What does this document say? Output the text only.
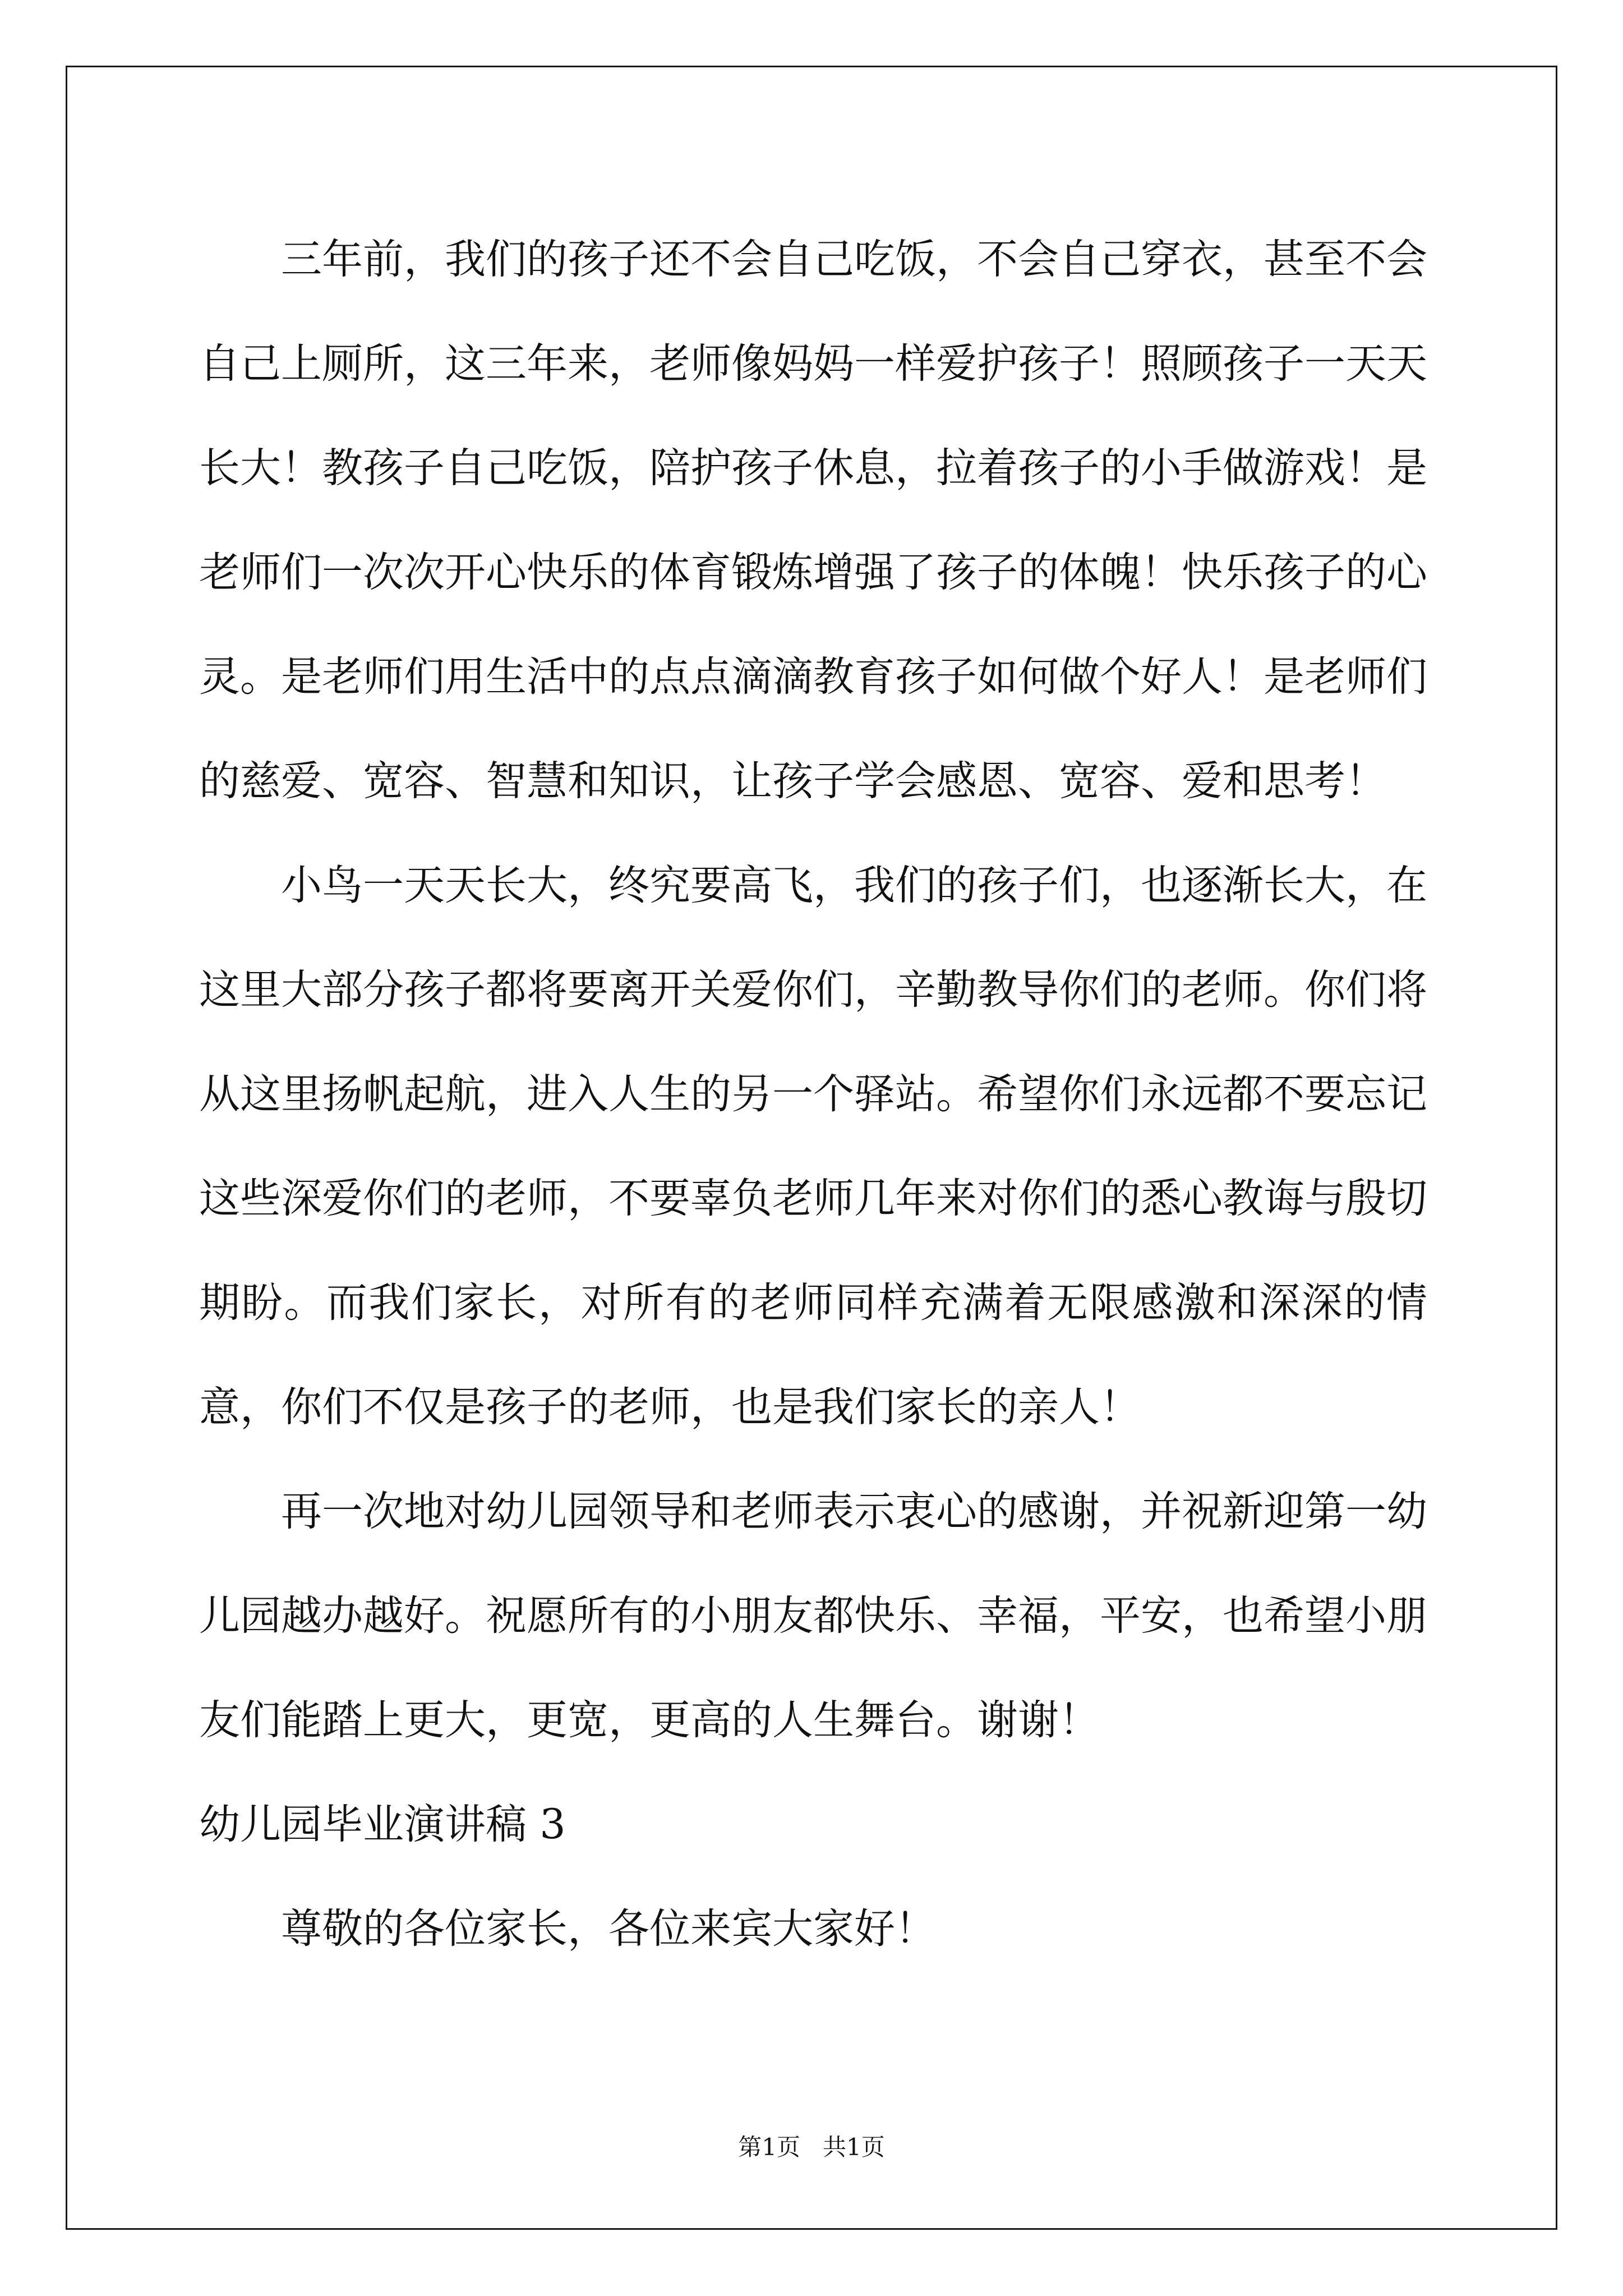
三年前，我们的孩子还不会自己吃饭，不会自己穿衣，甚至不会自己上厕所，这三年来，老师像妈妈一样爱护孩子！照顾孩子一天天长大！教孩子自己吃饭，陪护孩子休息，拉着孩子的小手做游戏！是老师们一次次开心快乐的体育锻炼增强了孩子的体魄！快乐孩子的心灵。是老师们用生活中的点点滴滴教育孩子如何做个好人！是老师们的慈爱、宽容、智慧和知识，让孩子学会感恩、宽容、爱和思考！

小鸟一天天长大，终究要高飞，我们的孩子们，也逐渐长大，在这里大部分孩子都将要离开关爱你们，辛勤教导你们的老师。你们将从这里扬帆起航，进入人生的另一个驿站。希望你们永远都不要忘记这些深爱你们的老师，不要辜负老师几年来对你们的悉心教诲与殷切期盼。而我们家长，对所有的老师同样充满着无限感激和深深的情意，你们不仅是孩子的老师，也是我们家长的亲人！

再一次地对幼儿园领导和老师表示衷心的感谢，并祝新迎第一幼儿园越办越好。祝愿所有的小朋友都快乐、幸福，平安，也希望小朋友们能踏上更大，更宽，更高的人生舞台。谢谢！

幼儿园毕业演讲稿 3

尊敬的各位家长，各位来宾大家好！

第1页   共1页
